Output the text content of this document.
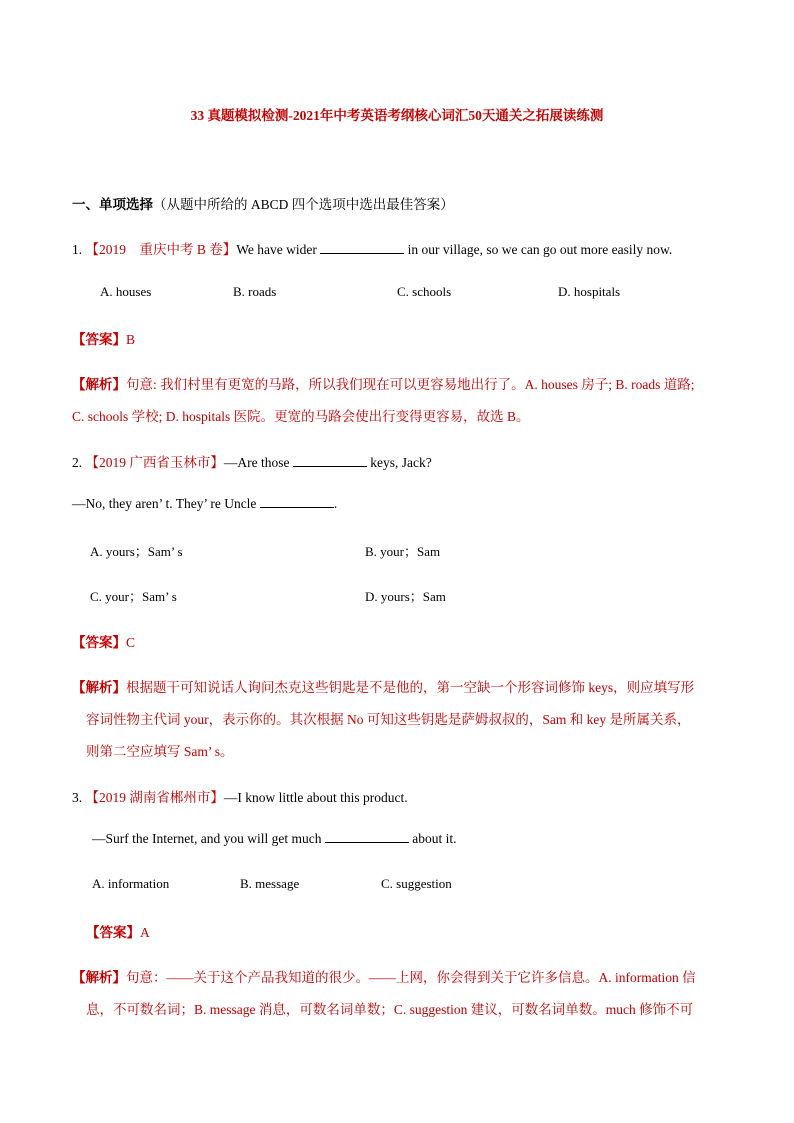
33 真题模拟检测-2021年中考英语考纲核心词汇50天通关之拓展读练测
一、单项选择（从题中所给的 ABCD 四个选项中选出最佳答案）
1. 【2019　重庆中考 B 卷】We have wider	in our village, so we can go out more easily now.
A. houses	B. roads	C. schools	D. hospitals
【答案】B
【解析】句意: 我们村里有更宽的马路，所以我们现在可以更容易地出行了。A. houses 房子; B. roads 道路;
C. schools 学校; D. hospitals 医院。更宽的马路会使出行变得更容易，故选 B。
2. 【2019 广西省玉林市】—Are those	keys, Jack?
—No, they aren’ t. They’ re Uncle	.
A. yours；Sam’ s	B. your；Sam
C. your；Sam’ s	D. yours；Sam
【答案】C
【解析】根据题干可知说话人询问杰克这些钥匙是不是他的，第一空缺一个形容词修饰 keys，则应填写形
容词性物主代词 your，表示你的。其次根据 No 可知这些钥匙是萨姆叔叔的，Sam 和 key 是所属关系，
则第二空应填写 Sam’ s。
3. 【2019 湖南省郴州市】—I know little about this product.
—Surf the Internet, and you will get much	about it.
A. information	B. message	C. suggestion
【答案】A
【解析】句意：——关于这个产品我知道的很少。——上网，你会得到关于它许多信息。A. information 信
息，不可数名词；B. message 消息，可数名词单数；C. suggestion 建议，可数名词单数。much 修饰不可
